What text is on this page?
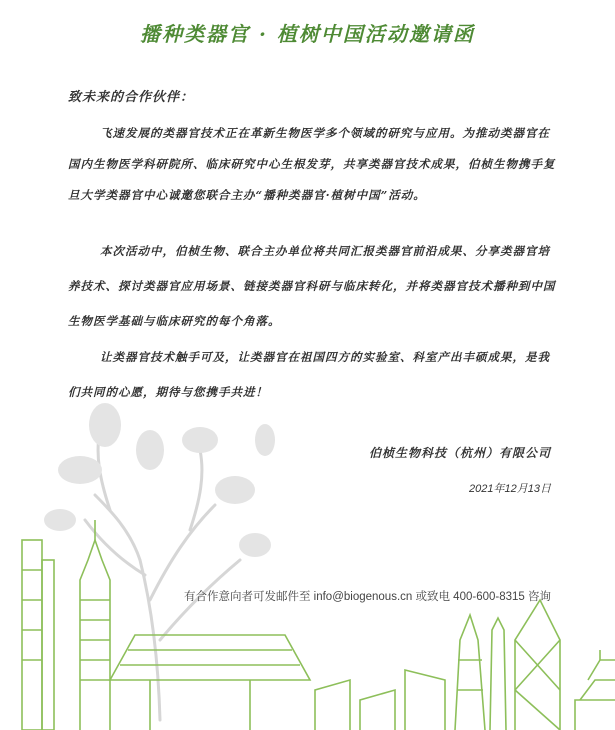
播种类器官 · 植树中国活动邀请函
致未来的合作伙伴：

飞速发展的类器官技术正在革新生物医学多个领域的研究与应用。为推动类器官在国内生物医学科研院所、临床研究中心生根发芽，共享类器官技术成果，伯桢生物携手复旦大学类器官中心诚邀您联合主办“播种类器官·植树中国”活动。

本次活动中，伯桢生物、联合主办单位将共同汇报类器官前沿成果、分享类器官培养技术、探讨类器官应用场景、链接类器官科研与临床转化，并将类器官技术播种到中国生物医学基础与临床研究的每个角落。

让类器官技术触手可及，让类器官在祖国四方的实验室、科室产出丰硕成果，是我们共同的心愿，期待与您携手共进！

伯桢生物科技（杭州）有限公司
2021年12月13日
有合作意向者可发邮件至 info@biogenous.cn 或致电 400-600-8315 咨询
